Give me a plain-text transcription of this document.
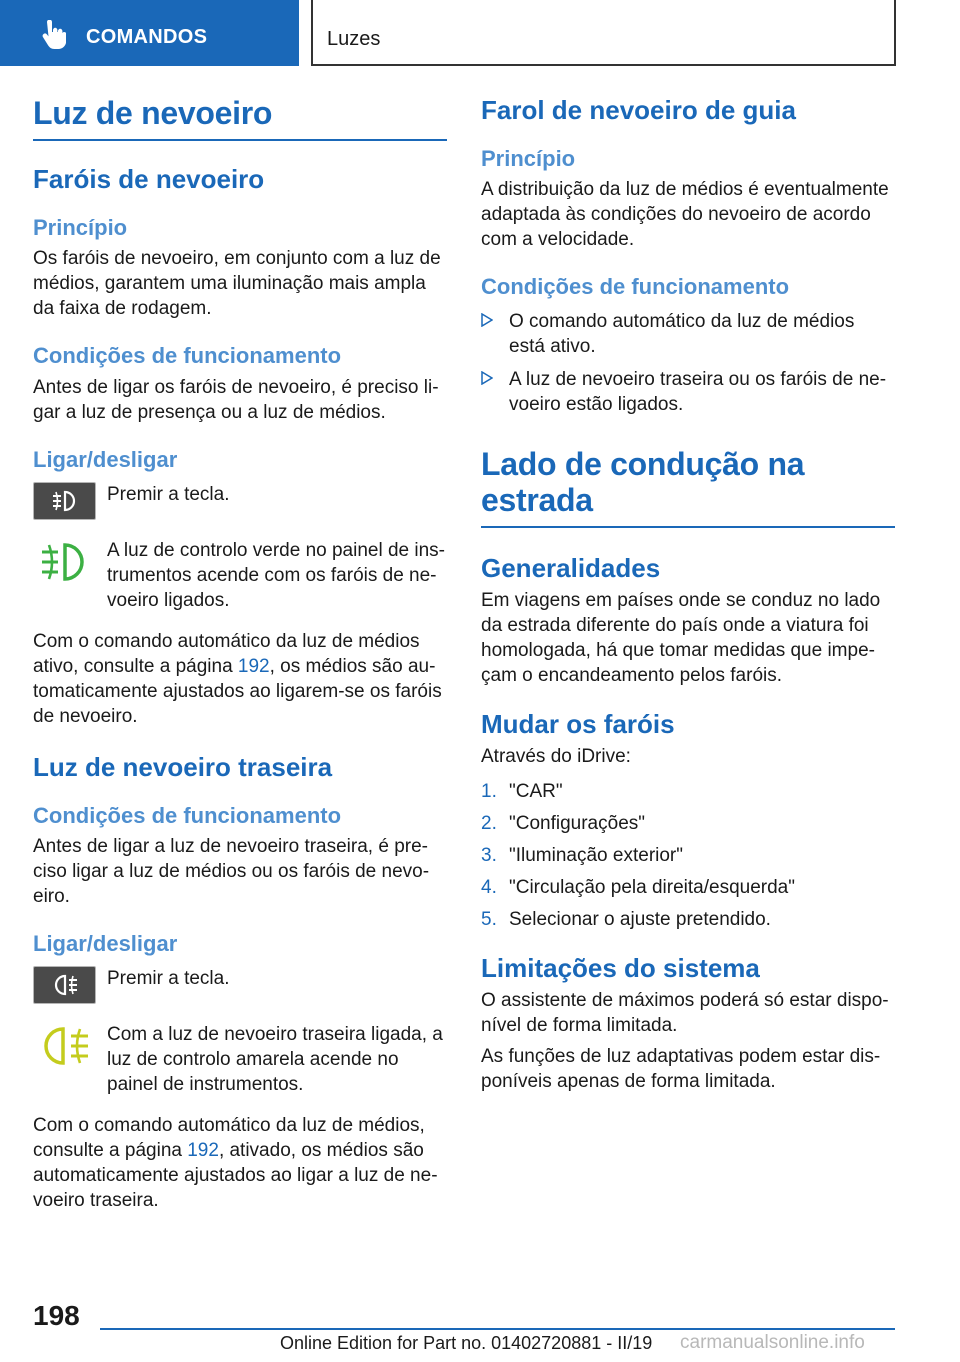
COMANDOS	Luzes
Luz de nevoeiro
Faróis de nevoeiro
Princípio

Os faróis de nevoeiro, em conjunto com a luz de médios, garantem uma iluminação mais ampla da faixa de rodagem.

Condições de funcionamento

Antes de ligar os faróis de nevoeiro, é preciso li-gar a luz de presença ou a luz de médios.

Ligar/desligar

Premir a tecla.

A luz de controlo verde no painel de ins-trumentos acende com os faróis de ne-voeiro ligados.

Com o comando automático da luz de médios ativo, consulte a página 192, os médios são au-tomaticamente ajustados ao ligarem-se os faróis de nevoeiro.

Luz de nevoeiro traseira
Condições de funcionamento

Antes de ligar a luz de nevoeiro traseira, é pre-ciso ligar a luz de médios ou os faróis de nevo-eiro.

Ligar/desligar

Premir a tecla.

Com a luz de nevoeiro traseira ligada, a luz de controlo amarela acende no painel de instrumentos.

Com o comando automático da luz de médios, consulte a página 192, ativado, os médios são automaticamente ajustados ao ligar a luz de ne-voeiro traseira.

Farol de nevoeiro de guia
Princípio

A distribuição da luz de médios é eventualmente adaptada às condições do nevoeiro de acordo com a velocidade.

Condições de funcionamento
O comando automático da luz de médios está ativo.
A luz de nevoeiro traseira ou os faróis de ne-voeiro estão ligados.
Lado de condução na estrada
Generalidades

Em viagens em países onde se conduz no lado da estrada diferente do país onde a viatura foi homologada, há que tomar medidas que impe-çam o encandeamento pelos faróis.

Mudar os faróis

Através do iDrive:

1. "CAR"
2. "Configurações"
3. "Iluminação exterior"
4. "Circulação pela direita/esquerda"
5. Selecionar o ajuste pretendido.
Limitações do sistema

O assistente de máximos poderá só estar dispo-nível de forma limitada.

As funções de luz adaptativas podem estar dis-poníveis apenas de forma limitada.

198
Online Edition for Part no. 01402720881 - II/19 carmanualsonline.info
